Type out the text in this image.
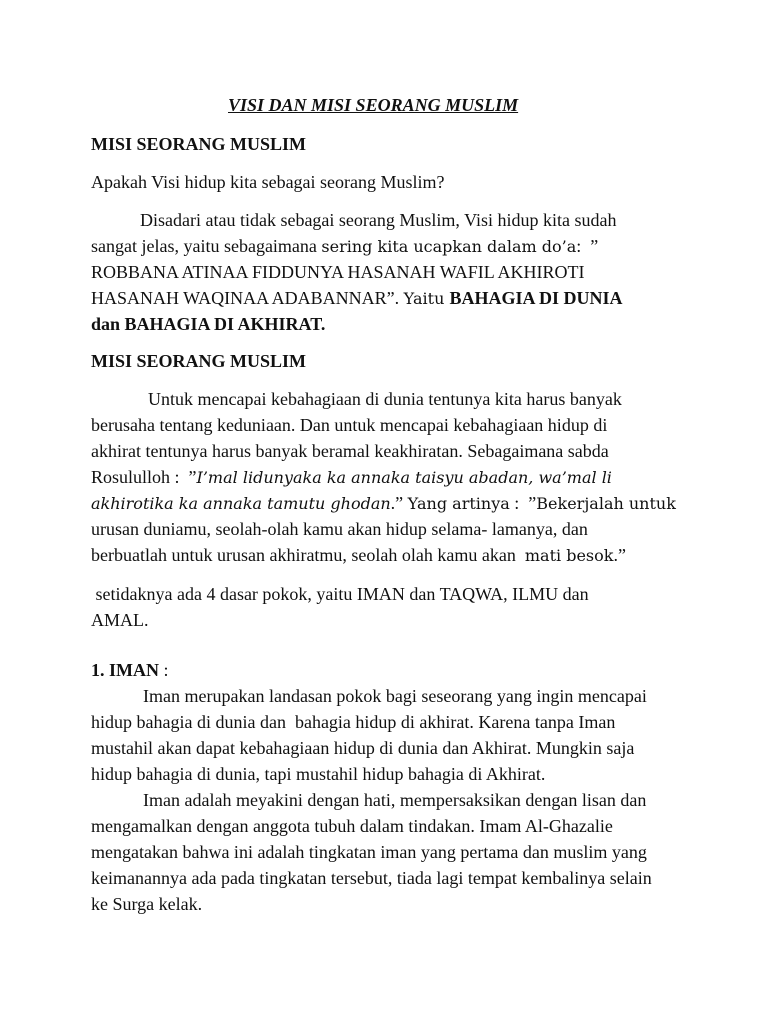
VISI DAN MISI SEORANG MUSLIM
MISI SEORANG MUSLIM
Apakah Visi hidup kita sebagai seorang Muslim?
Disadari atau tidak sebagai seorang Muslim, Visi hidup kita sudah
sangat jelas, yaitu sebagaimana sering kita ucapkan dalam do’a:  ”
ROBBANA ATINAA FIDDUNYA HASANAH WAFIL AKHIROTI
HASANAH WAQINAA ADABANNAR”. Yaitu BAHAGIA DI DUNIA
dan BAHAGIA DI AKHIRAT.
MISI SEORANG MUSLIM
Untuk mencapai kebahagiaan di dunia tentunya kita harus banyak
berusaha tentang keduniaan. Dan untuk mencapai kebahagiaan hidup di
akhirat tentunya harus banyak beramal keakhiratan. Sebagaimana sabda
Rosululloh :  ”I’mal lidunyaka ka annaka taisyu abadan, wa’mal li
akhirotika ka annaka tamutu ghodan.” Yang artinya :  ”Bekerjalah untuk
urusan duniamu, seolah-olah kamu akan hidup selama- lamanya, dan
berbuatlah untuk urusan akhiratmu, seolah olah kamu akan  mati besok.”
setidaknya ada 4 dasar pokok, yaitu IMAN dan TAQWA, ILMU dan
AMAL.
1. IMAN :
Iman merupakan landasan pokok bagi seseorang yang ingin mencapai
hidup bahagia di dunia dan  bahagia hidup di akhirat. Karena tanpa Iman
mustahil akan dapat kebahagiaan hidup di dunia dan Akhirat. Mungkin saja
hidup bahagia di dunia, tapi mustahil hidup bahagia di Akhirat.
Iman adalah meyakini dengan hati, mempersaksikan dengan lisan dan
mengamalkan dengan anggota tubuh dalam tindakan. Imam Al-Ghazalie
mengatakan bahwa ini adalah tingkatan iman yang pertama dan muslim yang
keimanannya ada pada tingkatan tersebut, tiada lagi tempat kembalinya selain
ke Surga kelak.
